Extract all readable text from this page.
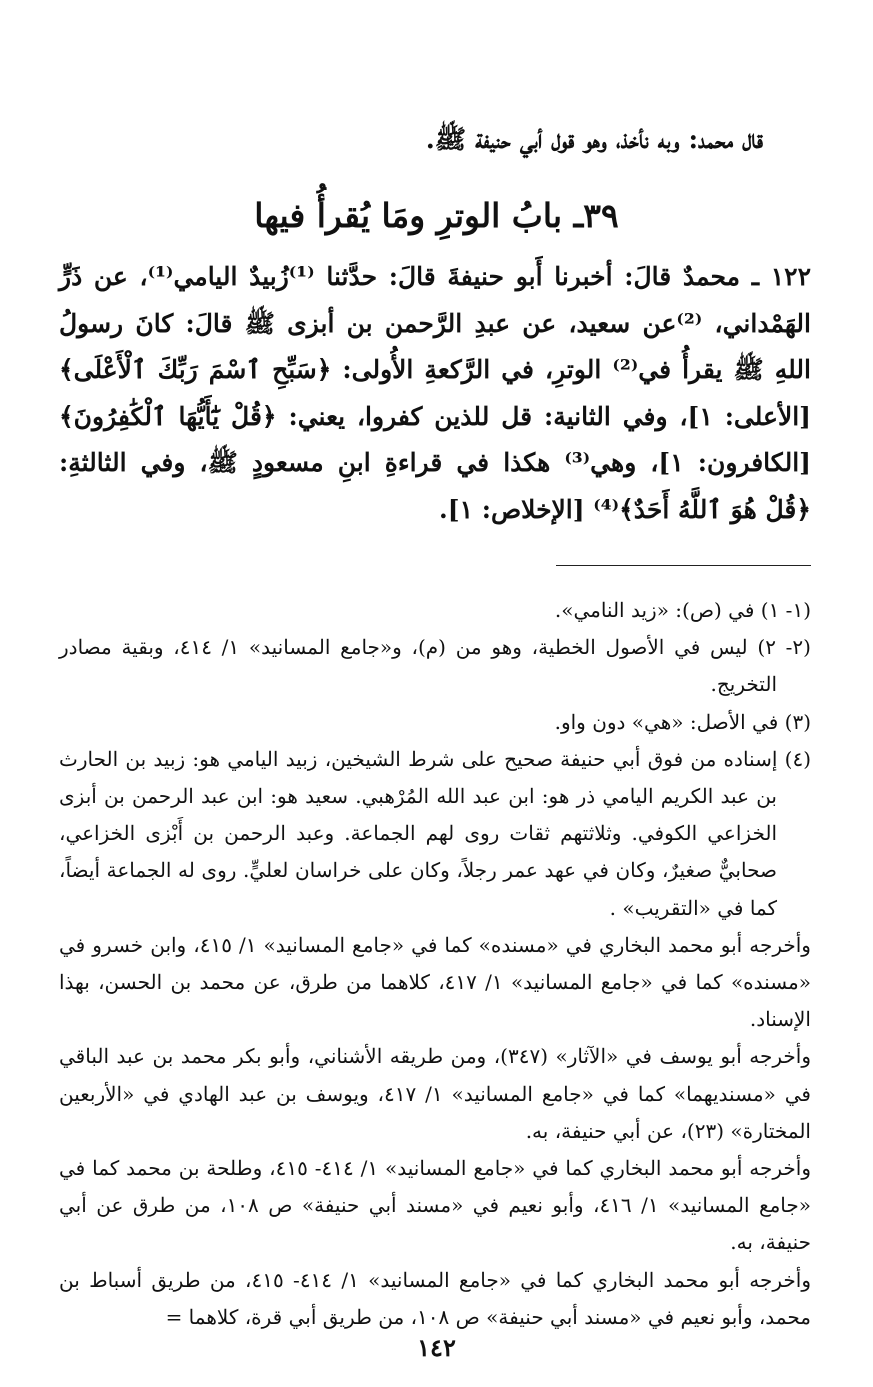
قال محمد: وبه نأخذ، وهو قول أبي حنيفة ﷺ.
٣٩ـ بابُ الوترِ ومَا يُقرأُ فيها
١٢٢ ـ محمدٌ قالَ: أخبرنا أَبو حنيفةَ قالَ: حدَّثنا ⁽¹⁾زُبيدٌ اليامي⁽¹⁾، عن ذَرٍّ الهَمْداني، ⁽²⁾عن سعيد، عن عبدِ الرَّحمن بن أبزى ﷺ قالَ: كانَ رسولُ اللهِ ﷺ يقرأُ في⁽²⁾ الوترِ، في الرَّكعةِ الأُولى: ﴿سَبِّحِ ٱسْمَ رَبِّكَ ٱلْأَعْلَى﴾ [الأعلى: ١]، وفي الثانية: قل للذين كفروا، يعني: ﴿قُلْ يَٰٓأَيُّهَا ٱلْكَٰفِرُونَ﴾ [الكافرون: ١]، وهي⁽³⁾ هكذا في قراءةِ ابنِ مسعودٍ ﷺ، وفي الثالثةِ: ﴿قُلْ هُوَ ٱللَّهُ أَحَدٌ﴾⁽⁴⁾ [الإخلاص: ١].

(١- ١) في (ص): «زيد النامي».

(٢- ٢) ليس في الأصول الخطية، وهو من (م)، و«جامع المسانيد» ١/ ٤١٤، وبقية مصادر التخريج.

(٣) في الأصل: «هي» دون واو.

(٤) إسناده من فوق أبي حنيفة صحيح على شرط الشيخين، زبيد اليامي هو: زبيد بن الحارث بن عبد الكريم اليامي ذر هو: ابن عبد الله المُرْهبي. سعيد هو: ابن عبد الرحمن بن أبزى الخزاعي الكوفي. وثلاثتهم ثقات روى لهم الجماعة. وعبد الرحمن بن أَبْزى الخزاعي، صحابيٌّ صغيرٌ، وكان في عهد عمر رجلاً، وكان على خراسان لعليٍّ. روى له الجماعة أيضاً، كما في «التقريب» .

وأخرجه أبو محمد البخاري في «مسنده» كما في «جامع المسانيد» ١/ ٤١٥، وابن خسرو في «مسنده» كما في «جامع المسانيد» ١/ ٤١٧، كلاهما من طرق، عن محمد بن الحسن، بهذا الإسناد.

وأخرجه أبو يوسف في «الآثار» (٣٤٧)، ومن طريقه الأشناني، وأبو بكر محمد بن عبد الباقي في «مسنديهما» كما في «جامع المسانيد» ١/ ٤١٧، ويوسف بن عبد الهادي في «الأربعين المختارة» (٢٣)، عن أبي حنيفة، به.

وأخرجه أبو محمد البخاري كما في «جامع المسانيد» ١/ ٤١٤- ٤١٥، وطلحة بن محمد كما في «جامع المسانيد» ١/ ٤١٦، وأبو نعيم في «مسند أبي حنيفة» ص ١٠٨، من طرق عن أبي حنيفة، به.

وأخرجه أبو محمد البخاري كما في «جامع المسانيد» ١/ ٤١٤- ٤١٥، من طريق أسباط بن محمد، وأبو نعيم في «مسند أبي حنيفة» ص ١٠٨، من طريق أبي قرة، كلاهما =

١٤٢
